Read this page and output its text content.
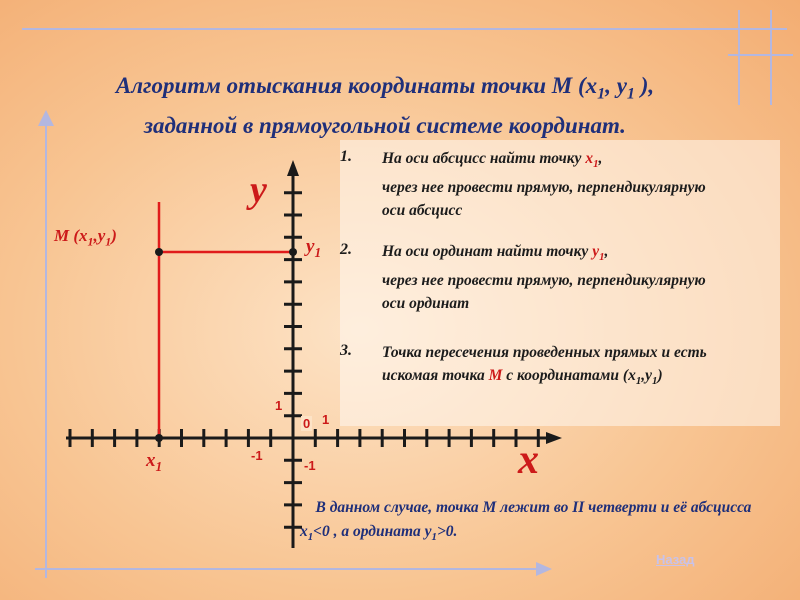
Алгоритм отыскания координаты точки М ($х_1$, $у_1$ ),
заданной в прямоугольной системе координат.
1. На оси абсцисс найти точку $х_1$,
через нее провести прямую, перпендикулярную оси абсцисс
2. На оси ординат найти точку $у_1$,
через нее провести прямую, перпендикулярную оси ординат
3. Точка пересечения проведенных прямых и есть искомая точка М с координатами $(х_1,у_1)$
у
х
0 1
1
-1
-1
М $(х_1,у_1)$
$х_1$
$у_1$
В данном случае, точка М лежит во II четверти и её абсцисса $х_1<0$ , а ордината $у_1>0$.
Назад
